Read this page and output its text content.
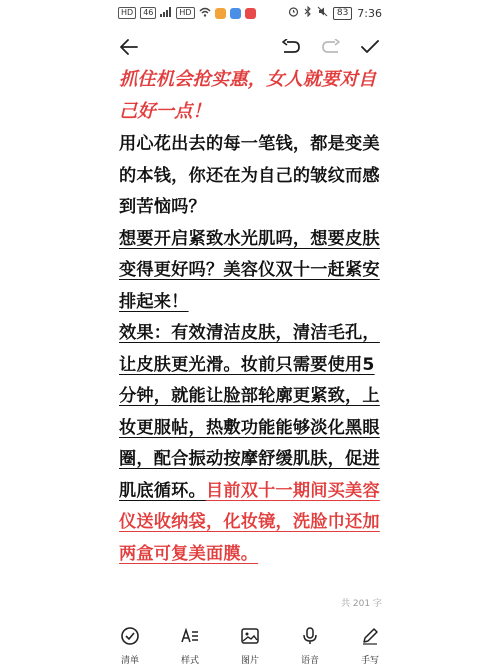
HD	46	HD	83 7:36
抓住机会抢实惠，女人就要对自己好一点！
用心花出去的每一笔钱，都是变美的本钱，你还在为自己的皱纹而感到苦恼吗？
想要开启紧致水光肌吗，想要皮肤变得更好吗？美容仪双十一赶紧安排起来！
效果：有效清洁皮肤，清洁毛孔，让皮肤更光滑。妆前只需要使用5分钟，就能让脸部轮廓更紧致，上妆更服帖，热敷功能能够淡化黑眼圈，配合振动按摩舒缓肌肤，促进肌底循环。目前双十一期间买美容仪送收纳袋，化妆镜，洗脸巾还加两盒可复美面膜。
共 201 字
清单	样式	图片	语音	手写
